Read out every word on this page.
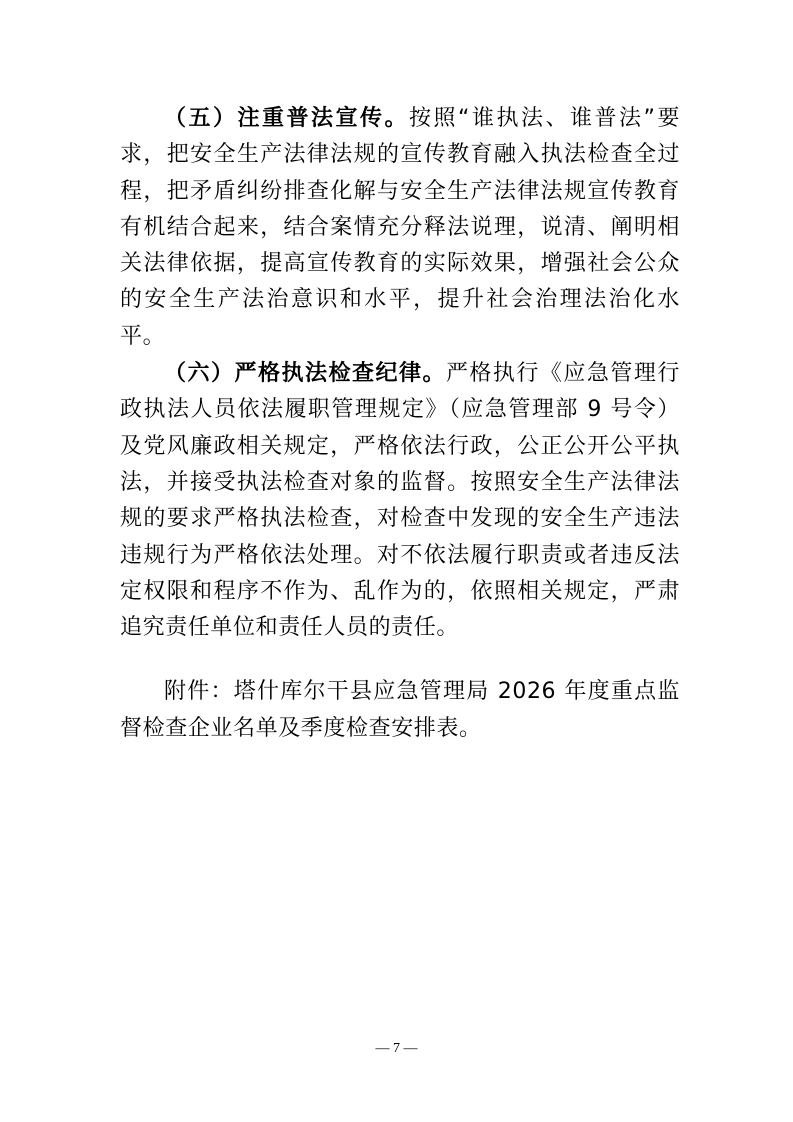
（五）注重普法宣传。按照“谁执法、谁普法”要求，把安全生产法律法规的宣传教育融入执法检查全过程，把矛盾纠纷排查化解与安全生产法律法规宣传教育有机结合起来，结合案情充分释法说理，说清、阐明相关法律依据，提高宣传教育的实际效果，增强社会公众的安全生产法治意识和水平，提升社会治理法治化水平。

（六）严格执法检查纪律。严格执行《应急管理行政执法人员依法履职管理规定》（应急管理部 9 号令）及党风廉政相关规定，严格依法行政，公正公开公平执法，并接受执法检查对象的监督。按照安全生产法律法规的要求严格执法检查，对检查中发现的安全生产违法违规行为严格依法处理。对不依法履行职责或者违反法定权限和程序不作为、乱作为的，依照相关规定，严肃追究责任单位和责任人员的责任。

附件：塔什库尔干县应急管理局 2026 年度重点监督检查企业名单及季度检查安排表。

— 7 —
